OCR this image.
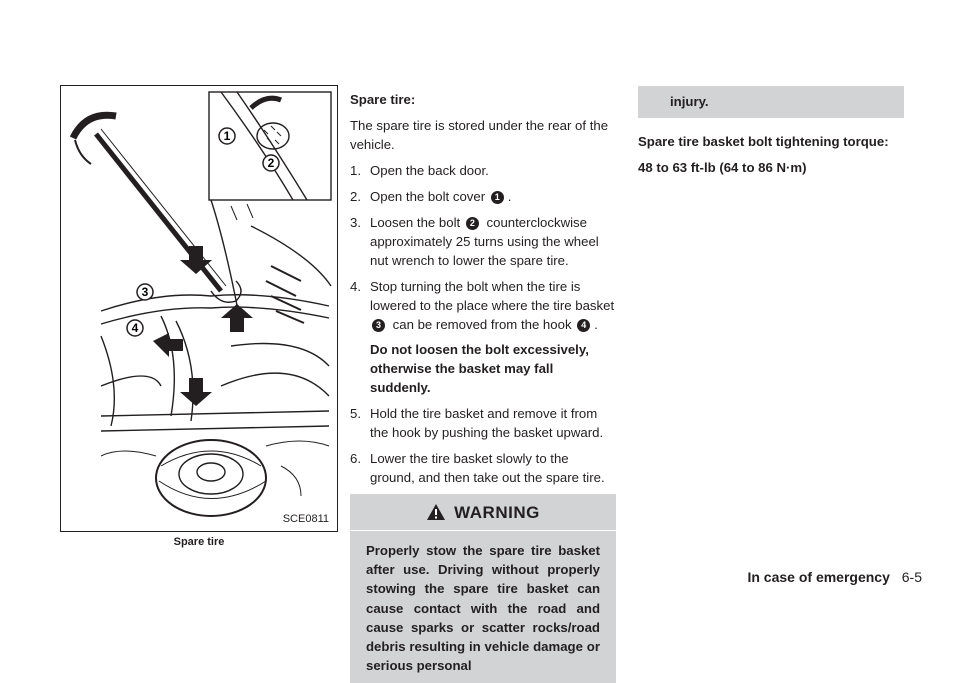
1
2
3
4
SCE0811
Spare tire

Spare tire:

The spare tire is stored under the rear of the vehicle.

1. Open the back door.
2. Open the bolt cover 1 .
3. Loosen the bolt 2 counterclockwise approximately 25 turns using the wheel nut wrench to lower the spare tire.
4. Stop turning the bolt when the tire is lowered to the place where the tire basket 3 can be removed from the hook 4 .

Do not loosen the bolt excessively, otherwise the basket may fall suddenly.

5. Hold the tire basket and remove it from the hook by pushing the basket upward.
6. Lower the tire basket slowly to the ground, and then take out the spare tire.
WARNING
Properly stow the spare tire basket after use. Driving without properly stowing the spare tire basket can cause contact with the road and cause sparks or scatter rocks/road debris resulting in vehicle damage or serious personal
injury.

Spare tire basket bolt tightening torque:

48 to 63 ft-lb (64 to 86 N·m)

In case of emergency 6-5
